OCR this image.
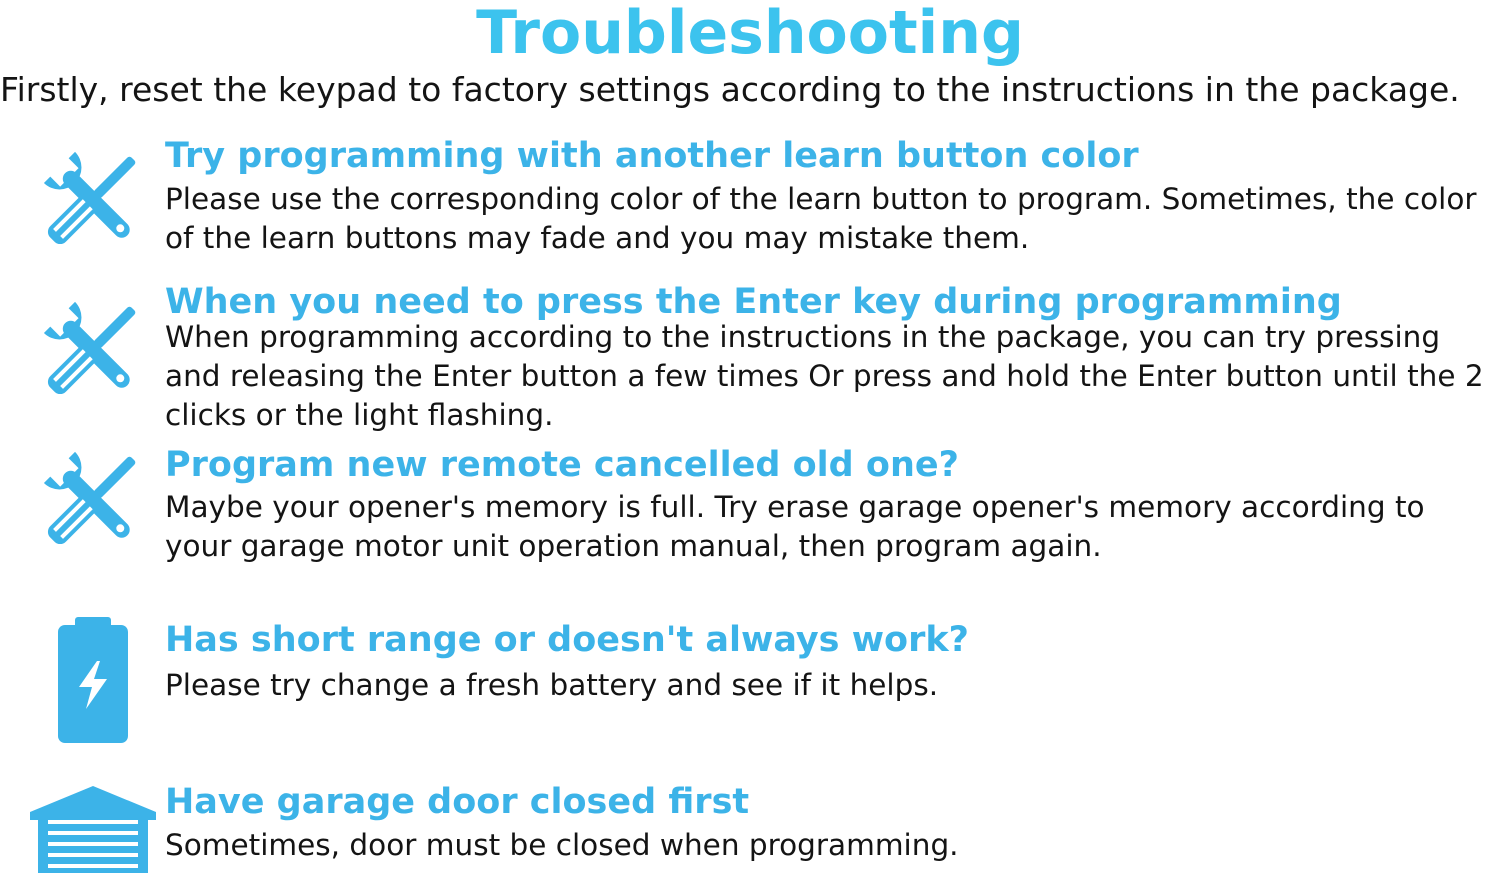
Troubleshooting
Firstly, reset the keypad to factory settings according to the instructions in the package.
Try programming with another learn button color
Please use the corresponding color of the learn button to program. Sometimes, the color of the learn buttons may fade and you may mistake them.
When you need to press the Enter key during programming
When programming according to the instructions in the package, you can try pressing and releasing the Enter button a few times Or press and hold the Enter button until the 2 clicks or the light flashing.
Program new remote cancelled old one?
Maybe your opener's memory is full. Try erase garage opener's memory according to your garage motor unit operation manual, then program again.
Has short range or doesn't always work?
Please try change a fresh battery and see if it helps.
Have garage door closed first
Sometimes, door must be closed when programming.
